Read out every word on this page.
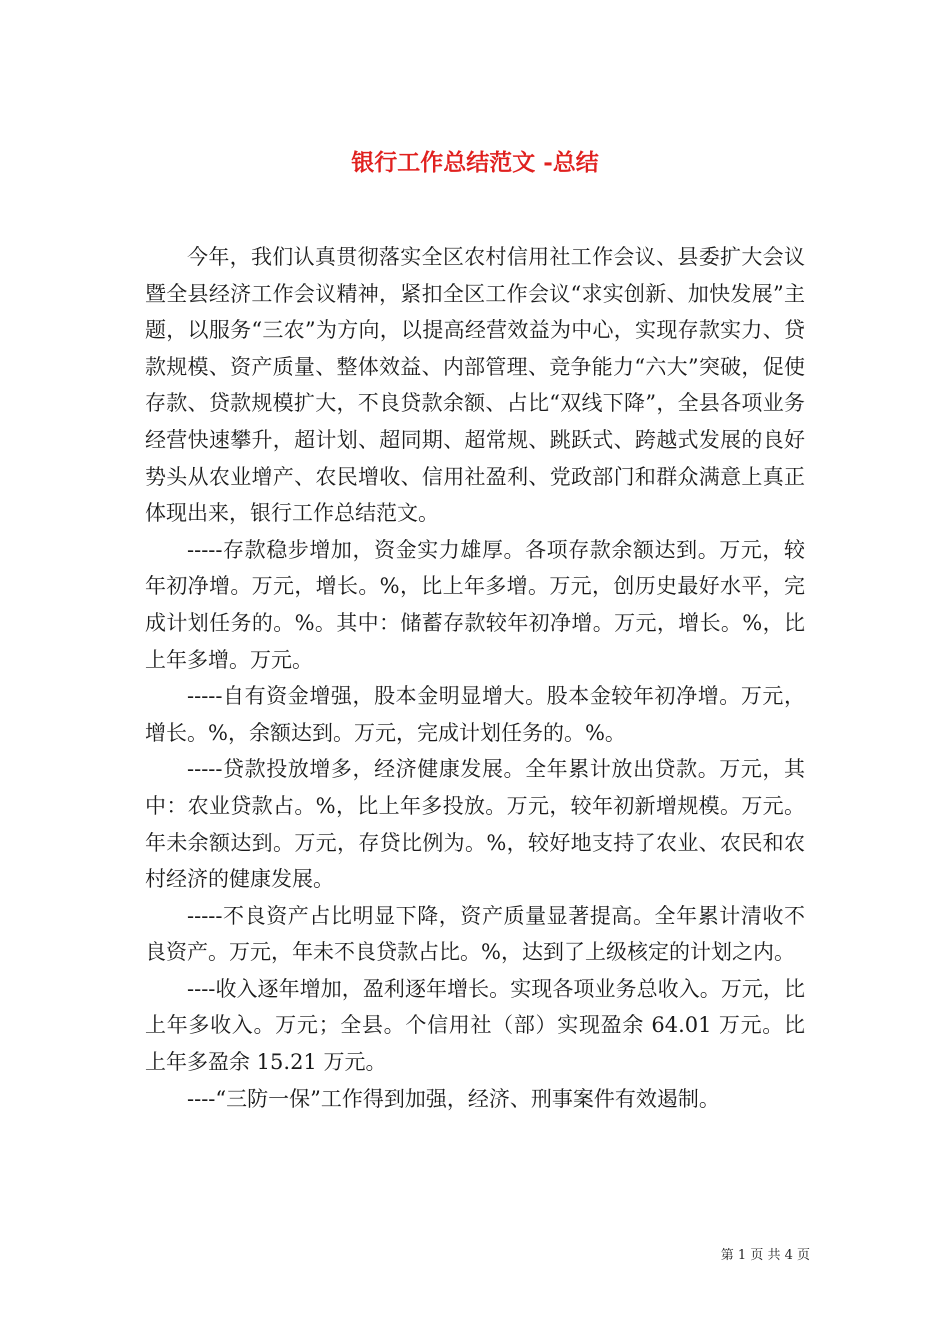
银行工作总结范文 -总结

今年，我们认真贯彻落实全区农村信用社工作会议、县委扩大会议暨全县经济工作会议精神，紧扣全区工作会议“求实创新、加快发展”主题，以服务“三农”为方向，以提高经营效益为中心，实现存款实力、贷款规模、资产质量、整体效益、内部管理、竞争能力“六大”突破，促使存款、贷款规模扩大，不良贷款余额、占比“双线下降”，全县各项业务经营快速攀升，超计划、超同期、超常规、跳跃式、跨越式发展的良好势头从农业增产、农民增收、信用社盈利、党政部门和群众满意上真正体现出来，银行工作总结范文。

-----存款稳步增加，资金实力雄厚。各项存款余额达到。万元，较年初净增。万元，增长。%，比上年多增。万元，创历史最好水平，完成计划任务的。%。其中：储蓄存款较年初净增。万元，增长。%，比上年多增。万元。

-----自有资金增强，股本金明显增大。股本金较年初净增。万元，增长。%，余额达到。万元，完成计划任务的。%。

-----贷款投放增多，经济健康发展。全年累计放出贷款。万元，其中：农业贷款占。%，比上年多投放。万元，较年初新增规模。万元。年未余额达到。万元，存贷比例为。%，较好地支持了农业、农民和农村经济的健康发展。

-----不良资产占比明显下降，资产质量显著提高。全年累计清收不良资产。万元，年未不良贷款占比。%，达到了上级核定的计划之内。

----收入逐年增加，盈利逐年增长。实现各项业务总收入。万元，比上年多收入。万元；全县。个信用社（部）实现盈余 64.01 万元。比上年多盈余 15.21 万元。

----“三防一保”工作得到加强，经济、刑事案件有效遏制。

第 1 页 共 4 页
